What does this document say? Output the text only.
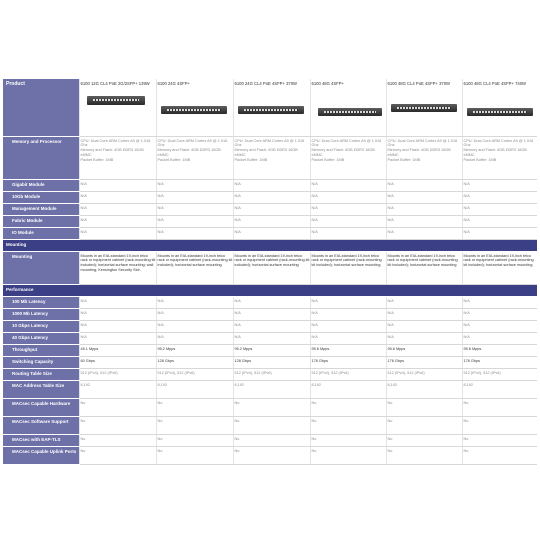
Product	6100 12G CL4 PoE 2G/2SFP+ 139W	6100 24G 4SFP+	6100 24G CL4 PoE 4SFP+ 370W	6100 48G 4SFP+	6100 48G CL4 PoE 4SFP+ 370W	6100 48G CL4 PoE 4SFP+ 740W

Memory and Processor	CPU: Dual Core ARM Cortex A9 @ 1.016 Ghz
Memory and Flash: 4GB DDR3 16GB eMMC
Packet Buffer: 1MB	CPU: Dual Core ARM Cortex A9 @ 1.016 Ghz
Memory and Flash: 4GB DDR3 16GB eMMC
Packet Buffer: 1MB	CPU: Dual Core ARM Cortex A9 @ 1.016 Ghz
Memory and Flash: 4GB DDR3 16GB eMMC
Packet Buffer: 1MB	CPU: Dual Core ARM Cortex A9 @ 1.016 Ghz
Memory and Flash: 4GB DDR3 16GB eMMC
Packet Buffer: 1MB	CPU: Dual Core ARM Cortex A9 @ 1.016 Ghz
Memory and Flash: 4GB DDR3 16GB eMMC
Packet Buffer: 1MB	CPU: Dual Core ARM Cortex A9 @ 1.016 Ghz
Memory and Flash: 4GB DDR3 16GB eMMC
Packet Buffer: 1MB
Gigabit Module	N/A	N/A	N/A	N/A	N/A	N/A
10Gb Module	N/A	N/A	N/A	N/A	N/A	N/A
Management Module	N/A	N/A	N/A	N/A	N/A	N/A
Fabric Module	N/A	N/A	N/A	N/A	N/A	N/A
IO Module	N/A	N/A	N/A	N/A	N/A	N/A
Mounting						
Mounting	Mounts in an EIA-standard 19-inch telco rack or equipment cabinet (rack-mounting kit included); horizontal surface mounting; wall mounting; Kensington Security Slot.	Mounts in an EIA-standard 19-inch telco rack or equipment cabinet (rack-mounting kit included); horizontal surface mounting	Mounts in an EIA-standard 19-inch telco rack or equipment cabinet (rack-mounting kit included); horizontal surface mounting	Mounts in an EIA-standard 19-inch telco rack or equipment cabinet (rack-mounting kit included); horizontal surface mounting	Mounts in an EIA-standard 19-inch telco rack or equipment cabinet (rack-mounting kit included); horizontal surface mounting	Mounts in an EIA-standard 19-inch telco rack or equipment cabinet (rack-mounting kit included); horizontal surface mounting
Performance						
100 Mb Latency	N/A	N/A	N/A	N/A	N/A	N/A
1000 Mb Latency	N/A	N/A	N/A	N/A	N/A	N/A
10 Gbps Latency	N/A	N/A	N/A	N/A	N/A	N/A
40 Gbps Latency	N/A	N/A	N/A	N/A	N/A	N/A
Throughput	45.1 Mpps	95.2 Mpps	95.2 Mpps	95.6 Mpps	95.6 Mpps	95.6 Mpps
Switching Capacity	60 Gbps	128 Gbps	128 Gbps	176 Gbps	176 Gbps	176 Gbps
Routing Table Size	512 (IPv4), 512 (IPv6)	512 (IPv4), 512 (IPv6)	512 (IPv4), 512 (IPv6)	512 (IPv4), 512 (IPv6)	512 (IPv4), 512 (IPv6)	512 (IPv4), 512 (IPv6)
MAC Address Table Size	8,192	8,192	8,192	8,192	8,192	8,192
MACsec Capable Hardware	No	No	No	No	No	No
MACsec Software Support	No	No	No	No	No	No
MACsec with EAP-TLS	No	No	No	No	No	No
MACsec Capable Uplink Ports	No	No	No	No	No	No
